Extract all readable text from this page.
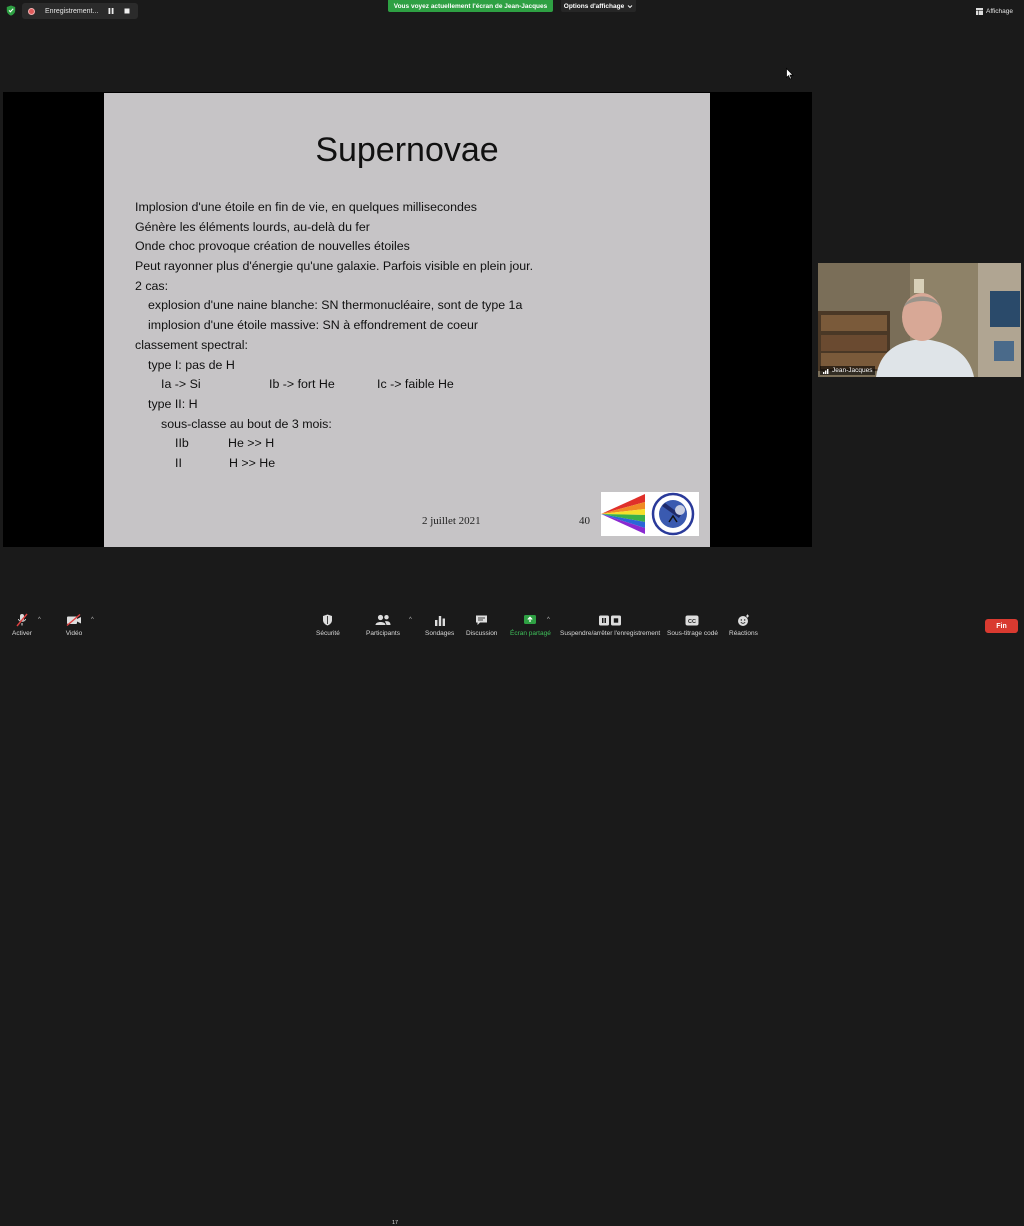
Enregistrement...
Vous voyez actuellement l'écran de Jean-Jacques	Options d'affichage
Affichage
Supernovae
Implosion d'une étoile en fin de vie, en quelques millisecondes
Génère les éléments lourds, au-delà du fer
Onde choc provoque création de nouvelles étoiles
Peut rayonner plus d'énergie qu'une galaxie. Parfois visible en plein jour.
2 cas:
explosion d'une naine blanche: SN thermonucléaire, sont de type 1a
implosion d'une étoile massive: SN à effondrement de coeur
classement spectral:
type I: pas de H
Ia -> Si	Ib -> fort He	Ic -> faible He
type II: H
sous-classe au bout de 3 mois:
IIb	He >> H
II	H >> He
2 juillet 2021	40
Jean-Jacques
Activer
^
Vidéo
^
Sécurité	Participants
17
^
Sondages Discussion Écran partagé
^
Suspendre/arrêter l'enregistrement
CC
Sous-titrage codé Réactions
Fin
